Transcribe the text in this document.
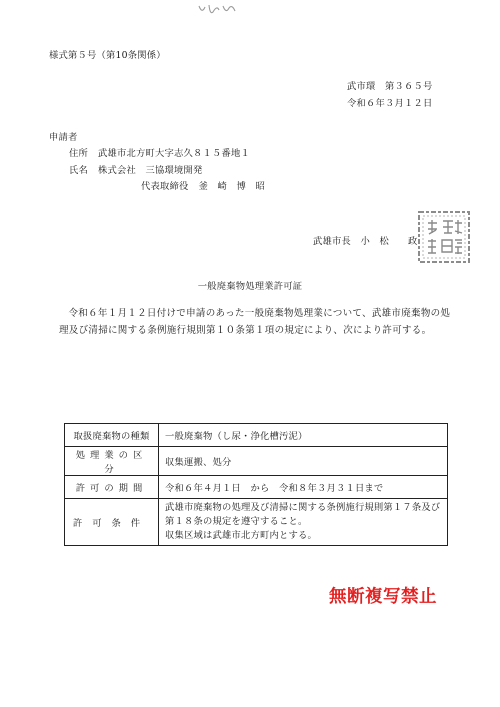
様式第５号（第10条関係）
武市環　第３６５号
令和６年３月１２日
申請者
住所 武雄市北方町大字志久８１５番地１
氏名 株式会社　三協環境開発
代表取締役 釜　崎　博　昭
武雄市長　小　松　　政
一般廃棄物処理業許可証
令和６年１月１２日付けで申請のあった一般廃棄物処理業について、武雄市廃棄物の処理及び清掃に関する条例施行規則第１０条第１項の規定により、次により許可する。
取扱廃棄物の種類	一般廃棄物（し尿・浄化槽汚泥）
処理業の区分	収集運搬、処分
許可の期間	令和６年４月１日　から　令和８年３月３１日まで
許可条件	武雄市廃棄物の処理及び清掃に関する条例施行規則第１７条及び第１８条の規定を遵守すること。
収集区域は武雄市北方町内とする。
無断複写禁止
